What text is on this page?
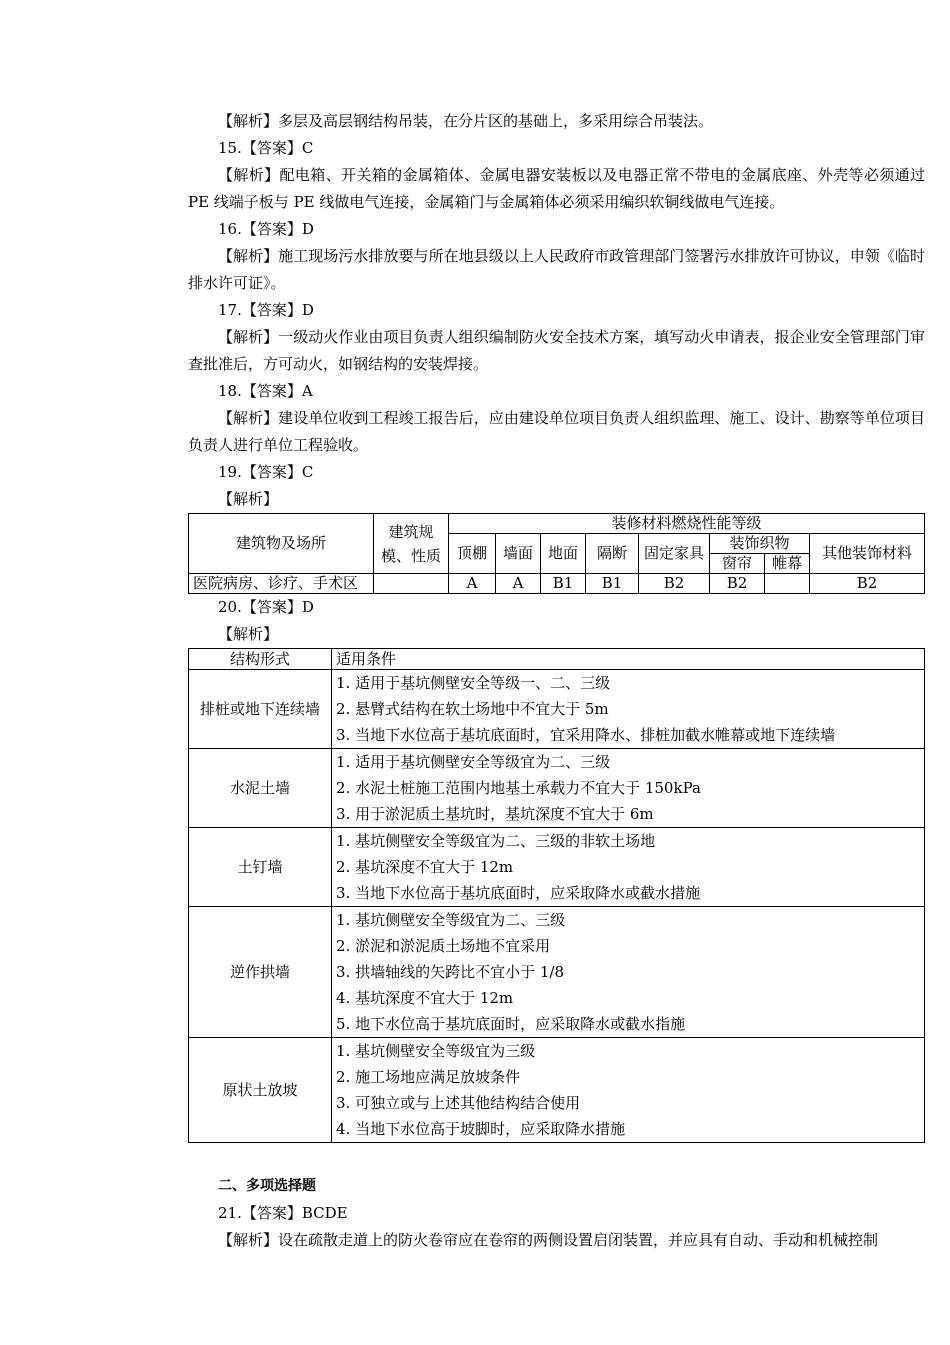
【解析】多层及高层钢结构吊装，在分片区的基础上，多采用综合吊装法。

15.【答案】C

【解析】配电箱、开关箱的金属箱体、金属电器安装板以及电器正常不带电的金属底座、外壳等必须通过 PE 线端子板与 PE 线做电气连接，金属箱门与金属箱体必须采用编织软铜线做电气连接。

16.【答案】D

【解析】施工现场污水排放要与所在地县级以上人民政府市政管理部门签署污水排放许可协议，申领《临时排水许可证》。

17.【答案】D

【解析】一级动火作业由项目负责人组织编制防火安全技术方案，填写动火申请表，报企业安全管理部门审查批准后，方可动火，如钢结构的安装焊接。

18.【答案】A

【解析】建设单位收到工程竣工报告后，应由建设单位项目负责人组织监理、施工、设计、勘察等单位项目负责人进行单位工程验收。

19.【答案】C

【解析】

建筑物及场所	建筑规模、性质	装修材料燃烧性能等级							
		顶棚	墙面	地面	隔断	固定家具	装饰织物		其他装饰材料
							窗帘	帷幕	
医院病房、诊疗、手术区		A	A	B1	B1	B2	B2		B2

20.【答案】D

【解析】

结构形式	适用条件
排桩或地下连续墙	1. 适用于基坑侧壁安全等级一、二、三级
2. 悬臂式结构在软土场地中不宜大于 5m
3. 当地下水位高于基坑底面时，宜采用降水、排桩加截水帷幕或地下连续墙

水泥土墙	1. 适用于基坑侧壁安全等级宜为二、三级
2. 水泥土桩施工范围内地基土承载力不宜大于 150kPa
3. 用于淤泥质土基坑时，基坑深度不宜大于 6m

土钉墙	1. 基坑侧壁安全等级宜为二、三级的非软土场地
2. 基坑深度不宜大于 12m
3. 当地下水位高于基坑底面时，应采取降水或截水措施

逆作拱墙	1. 基坑侧壁安全等级宜为二、三级
2. 淤泥和淤泥质土场地不宜采用
3. 拱墙轴线的矢跨比不宜小于 1/8
4. 基坑深度不宜大于 12m
5. 地下水位高于基坑底面时，应采取降水或截水指施

原状土放坡	1. 基坑侧壁安全等级宜为三级
2. 施工场地应满足放坡条件
3. 可独立或与上述其他结构结合使用
4. 当地下水位高于坡脚时，应采取降水措施

二、多项选择题

21.【答案】BCDE

【解析】设在疏散走道上的防火卷帘应在卷帘的两侧设置启闭装置，并应具有自动、手动和机械控制
